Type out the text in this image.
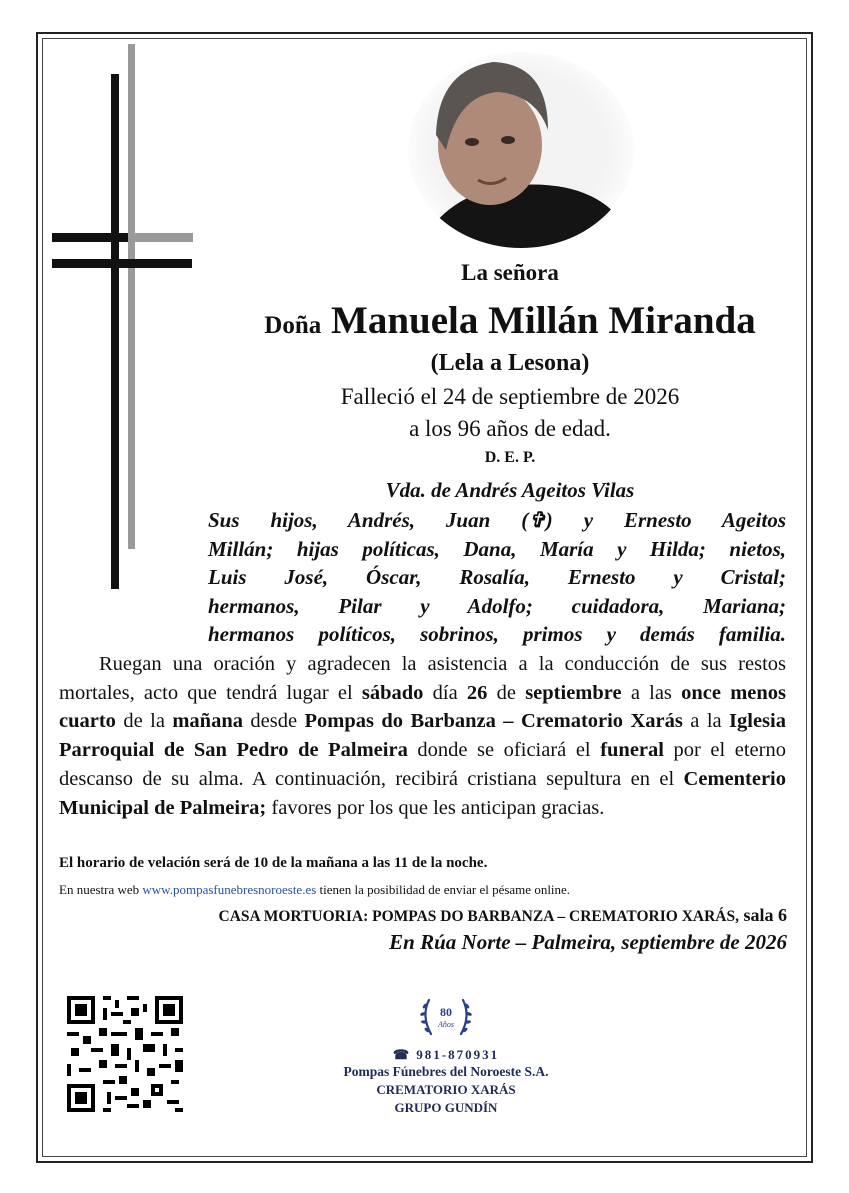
La señora
Doña Manuela Millán Miranda
(Lela a Lesona)
Falleció el 24 de septiembre de 2026
a los 96 años de edad.
D. E. P.
Vda. de Andrés Ageitos Vilas
Sus hijos, Andrés, Juan (✞) y Ernesto Ageitos
Millán; hijas políticas, Dana, María y Hilda; nietos,
Luis José, Óscar, Rosalía, Ernesto y Cristal;
hermanos, Pilar y Adolfo; cuidadora, Mariana;
hermanos políticos, sobrinos, primos y demás familia.
Ruegan una oración y agradecen la asistencia a la conducción de sus restos mortales, acto que tendrá lugar el sábado día 26 de septiembre a las once menos cuarto de la mañana desde Pompas do Barbanza – Crematorio Xarás a la Iglesia Parroquial de San Pedro de Palmeira donde se oficiará el funeral por el eterno descanso de su alma. A continuación, recibirá cristiana sepultura en el Cementerio Municipal de Palmeira; favores por los que les anticipan gracias.
El horario de velación será de 10 de la mañana a las 11 de la noche.
En nuestra web www.pompasfunebresnoroeste.es tienen la posibilidad de enviar el pésame online.
CASA MORTUORIA: POMPAS DO BARBANZA – CREMATORIO XARÁS, sala 6
En Rúa Norte – Palmeira, septiembre de 2026
80
Años
☎ 981-870931
Pompas Fúnebres del Noroeste S.A.
CREMATORIO XARÁS
GRUPO GUNDÍN
